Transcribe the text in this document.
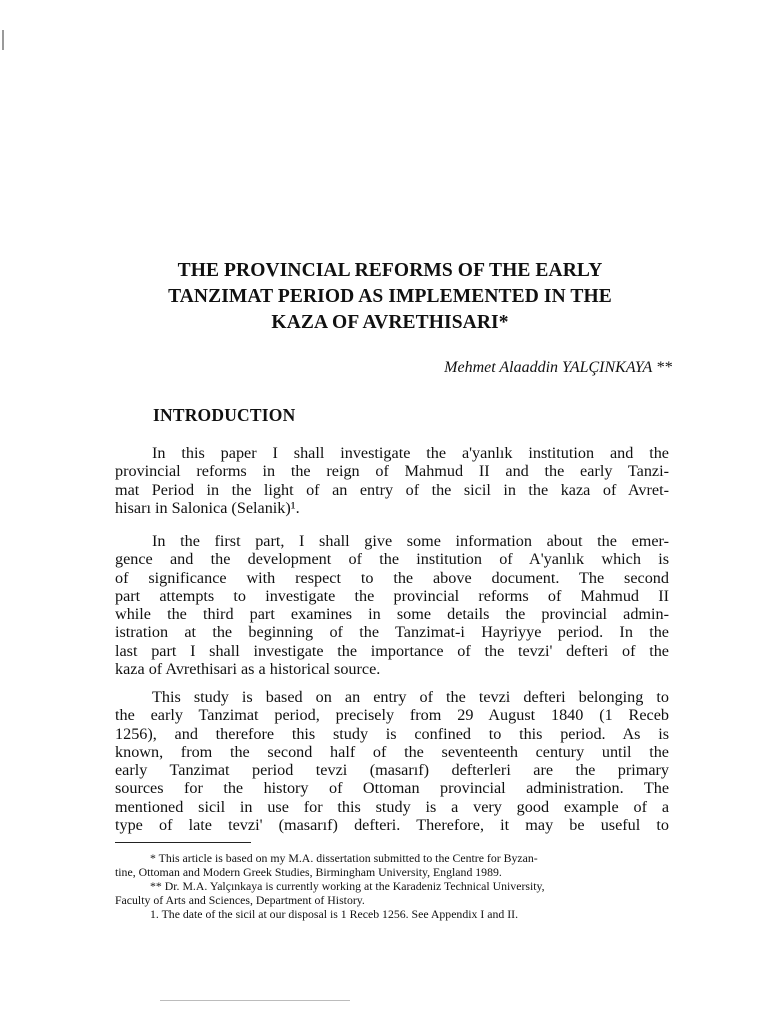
THE PROVINCIAL REFORMS OF THE EARLY
TANZIMAT PERIOD AS IMPLEMENTED IN THE
KAZA OF AVRETHISARI*
Mehmet Alaaddin YALÇINKAYA **
INTRODUCTION
In this paper I shall investigate the a'yanlık institution and the
provincial reforms in the reign of Mahmud II and the early Tanzi-
mat Period in the light of an entry of the sicil in the kaza of Avret-
hisarı in Salonica (Selanik)¹.
In the first part, I shall give some information about the emer-
gence and the development of the institution of A'yanlık which is
of significance with respect to the above document. The second
part attempts to investigate the provincial reforms of Mahmud II
while the third part examines in some details the provincial admin-
istration at the beginning of the Tanzimat-i Hayriyye period. In the
last part I shall investigate the importance of the tevzi' defteri of the
kaza of Avrethisari as a historical source.
This study is based on an entry of the tevzi defteri belonging to
the early Tanzimat period, precisely from 29 August 1840 (1 Receb
1256), and therefore this study is confined to this period. As is
known, from the second half of the seventeenth century until the
early Tanzimat period tevzi (masarıf) defterleri are the primary
sources for the history of Ottoman provincial administration. The
mentioned sicil in use for this study is a very good example of a
type of late tevzi' (masarıf) defteri. Therefore, it may be useful to
* This article is based on my M.A. dissertation submitted to the Centre for Byzan-
tine, Ottoman and Modern Greek Studies, Birmingham University, England 1989.
** Dr. M.A. Yalçınkaya is currently working at the Karadeniz Technical University,
Faculty of Arts and Sciences, Department of History.
1. The date of the sicil at our disposal is 1 Receb 1256. See Appendix I and II.
